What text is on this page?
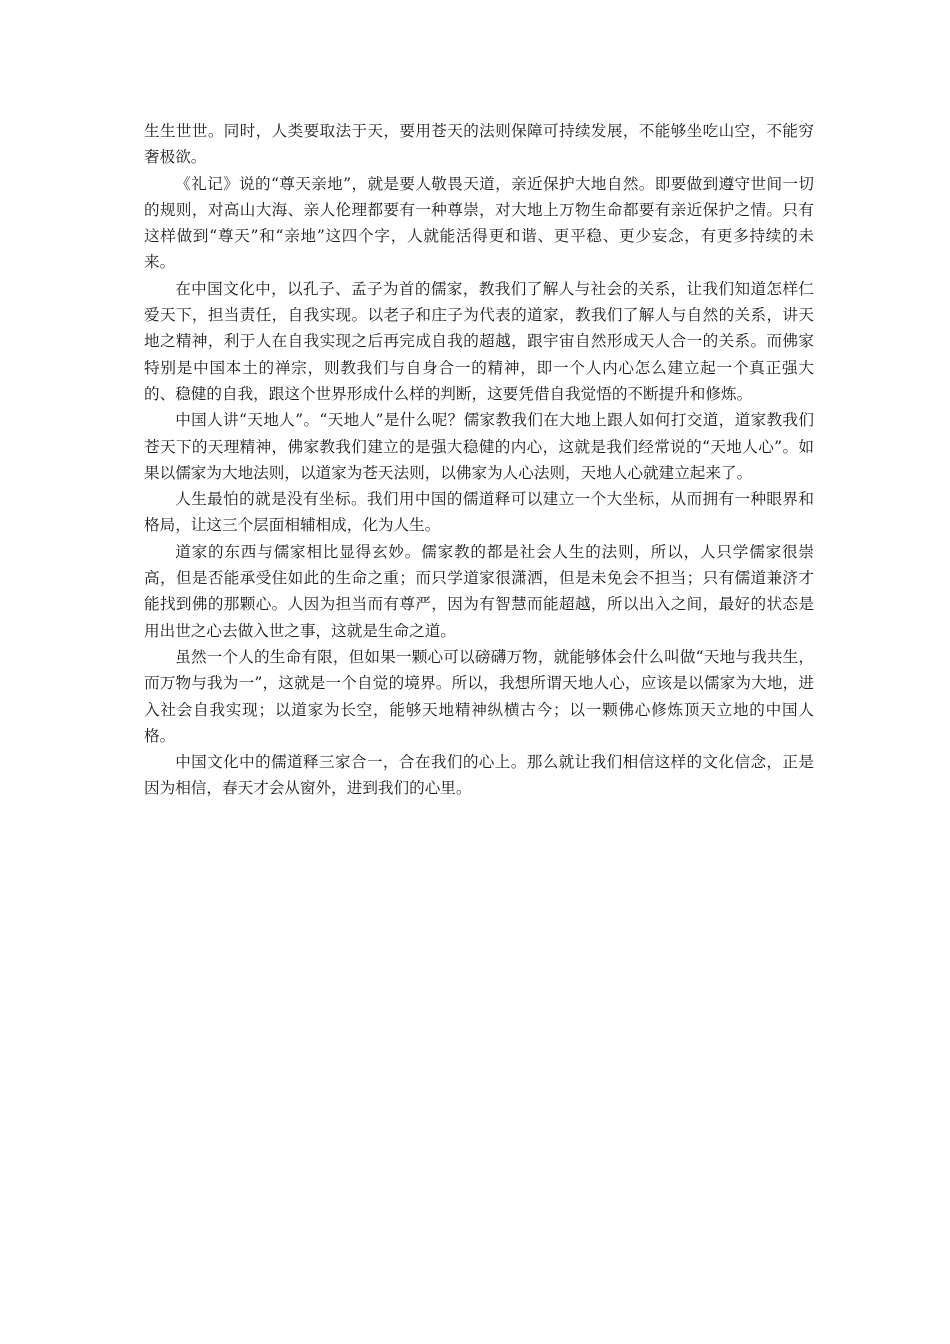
生生世世。同时，人类要取法于天，要用苍天的法则保障可持续发展，不能够坐吃山空，不能穷奢极欲。

《礼记》说的“尊天亲地”，就是要人敬畏天道，亲近保护大地自然。即要做到遵守世间一切的规则，对高山大海、亲人伦理都要有一种尊崇，对大地上万物生命都要有亲近保护之情。只有这样做到“尊天”和“亲地”这四个字，人就能活得更和谐、更平稳、更少妄念，有更多持续的未来。

在中国文化中，以孔子、孟子为首的儒家，教我们了解人与社会的关系，让我们知道怎样仁爱天下，担当责任，自我实现。以老子和庄子为代表的道家，教我们了解人与自然的关系，讲天地之精神，利于人在自我实现之后再完成自我的超越，跟宇宙自然形成天人合一的关系。而佛家特别是中国本土的禅宗，则教我们与自身合一的精神，即一个人内心怎么建立起一个真正强大的、稳健的自我，跟这个世界形成什么样的判断，这要凭借自我觉悟的不断提升和修炼。

中国人讲“天地人”。“天地人”是什么呢？儒家教我们在大地上跟人如何打交道，道家教我们苍天下的天理精神，佛家教我们建立的是强大稳健的内心，这就是我们经常说的“天地人心”。如果以儒家为大地法则，以道家为苍天法则，以佛家为人心法则，天地人心就建立起来了。

人生最怕的就是没有坐标。我们用中国的儒道释可以建立一个大坐标，从而拥有一种眼界和格局，让这三个层面相辅相成，化为人生。

道家的东西与儒家相比显得玄妙。儒家教的都是社会人生的法则，所以，人只学儒家很崇高，但是否能承受住如此的生命之重；而只学道家很潇洒，但是未免会不担当；只有儒道兼济才能找到佛的那颗心。人因为担当而有尊严，因为有智慧而能超越，所以出入之间，最好的状态是用出世之心去做入世之事，这就是生命之道。

虽然一个人的生命有限，但如果一颗心可以磅礴万物，就能够体会什么叫做“天地与我共生，而万物与我为一”，这就是一个自觉的境界。所以，我想所谓天地人心，应该是以儒家为大地，进入社会自我实现；以道家为长空，能够天地精神纵横古今；以一颗佛心修炼顶天立地的中国人格。

中国文化中的儒道释三家合一，合在我们的心上。那么就让我们相信这样的文化信念，正是因为相信，春天才会从窗外，进到我们的心里。
